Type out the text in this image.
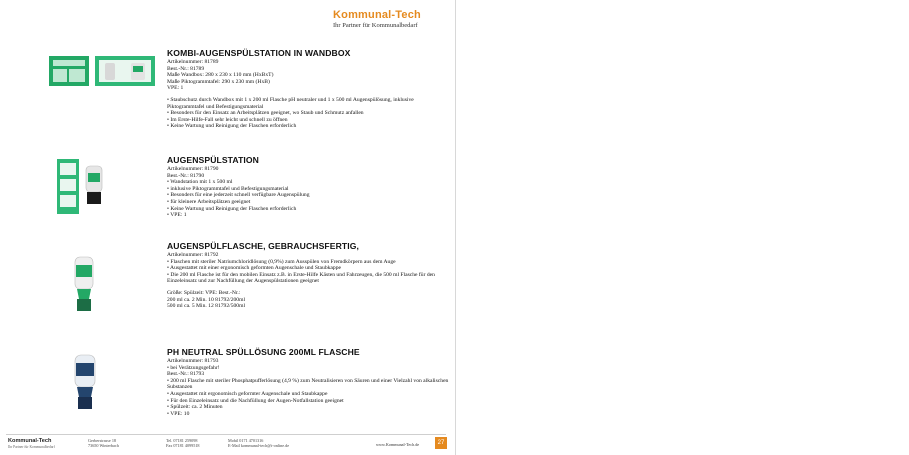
Kommunal-Tech
Ihr Partner für Kommunalbedarf
KOMBI-AUGENSPÜLSTATION IN WANDBOX
Artikelnummer: 81789
Best.-Nr.: 81789
Maße Wandbox: 280 x 230 x 110 mm (HxBxT)
Maße Piktogrammtafel: 290 x 230 mm (HxB)
VPE: 1
• Staubschutz durch Wandbox mit 1 x 200 ml Flasche pH neutraler und 1 x 500 ml Augenspülösung, inklusive Piktogrammtafel und Befestigungsmaterial
• Besonders für den Einsatz an Arbeitsplätzen geeignet, wo Staub und Schmutz anfallen
• Im Erste-Hilfe-Fall sehr leicht und schnell zu öffnen
• Keine Wartung und Reinigung der Flaschen erforderlich
AUGENSPÜLSTATION
Artikelnummer: 81790
Best.-Nr.: 81790
• Wandstation mit 1 x 500 ml
• inklusive Piktogrammtafel und Befestigungsmaterial
• Besonders für eine jederzeit schnell verfügbare Augenspülung
• für kleinere Arbeitsplätzen geeignet
• Keine Wartung und Reinigung der Flaschen erforderlich
• VPE: 1
AUGENSPÜLFLASCHE, GEBRAUCHSFERTIG,
Artikelnummer: 81792
• Flaschen mit steriler Natriumchloridlösung (0,9%) zum Ausspülen von Fremdkörpern aus dem Auge
• Ausgestattet mit einer ergonomisch geformten Augenschale und Staubkappe
• Die 200 ml Flasche ist für den mobilen Einsatz z.B. in Erste-Hilfe Kästen und Fahrzeugen, die 500 ml Flasche für den Einzeleinsatz und zur Nachfüllung der Augenspülstationen geeignet
Größe: Spülzeit: VPE: Best.-Nr.:
200 ml ca. 2 Min. 10 81792/200ml
500 ml ca. 5 Min. 12 81792/500ml
PH NEUTRAL SPÜLLÖSUNG 200ML FLASCHE
Artikelnummer: 81793
• bei Verätzungsgefahr!
Best.-Nr.: 81793
• 200 ml Flasche mit steriler Phosphatpufferlösung (4,9 %) zum Neutralisieren von Säuren und einer Vielzahl von alkalischen Substanzen
• Ausgestattet mit ergonomisch geformter Augenschale und Staubkappe
• Für den Einzeleinsatz und die Nachfüllung der Augen-Notfallstation geeignet
• Spülzeit: ca. 2 Minuten
• VPE: 10
Kommunal-Tech
Ihr Partner für Kommunalbedarf
Gerberstrasse 18
73650 Winterbach
Tel. 07181 259098
Fax 07181 4099518
Mobil 0171 4701316
E-Mail kommunal-tech@t-online.de	www.Kommunal-Tech.de	27
